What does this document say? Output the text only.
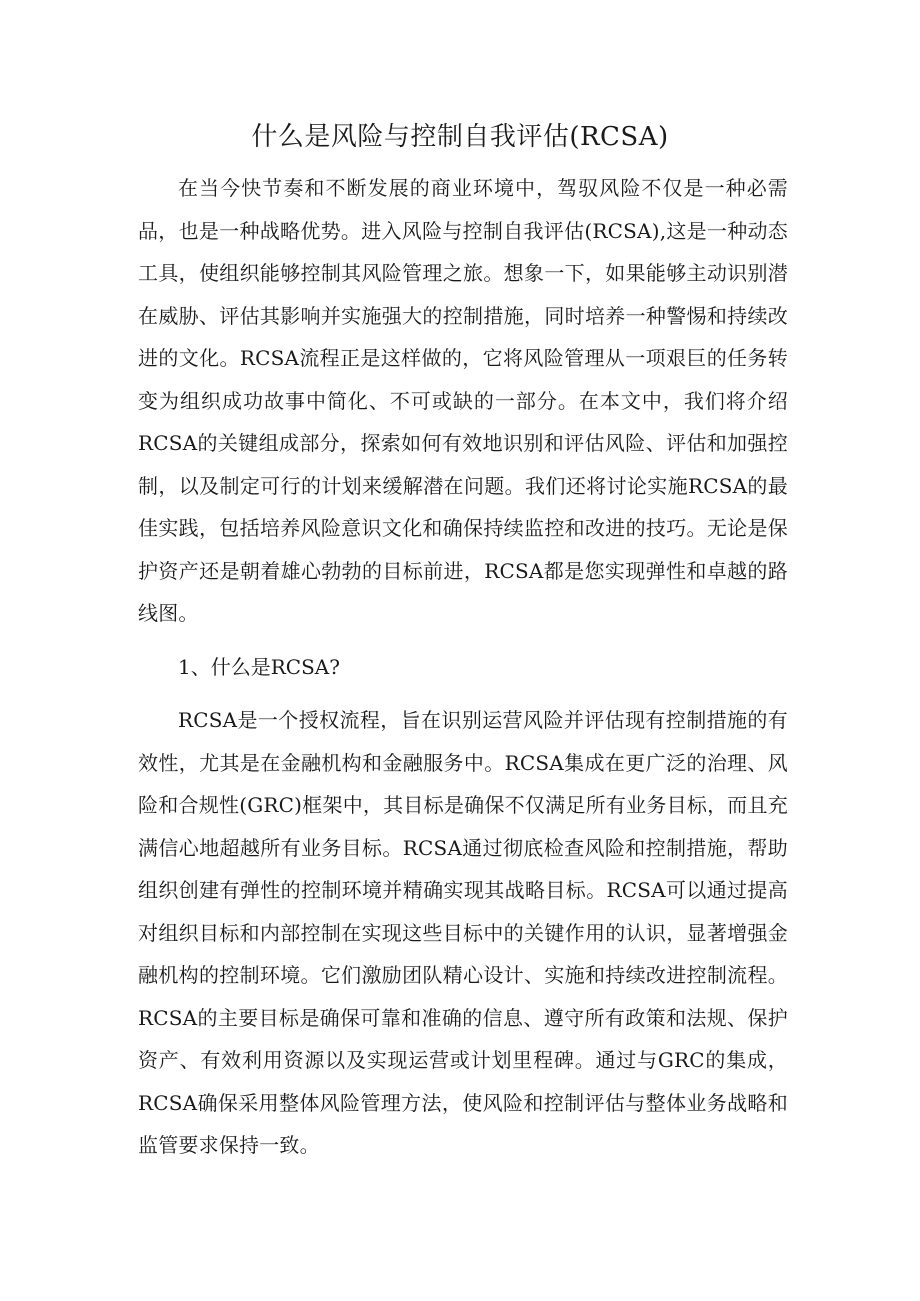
什么是风险与控制自我评估(RCSA)

在当今快节奏和不断发展的商业环境中，驾驭风险不仅是一种必需品，也是一种战略优势。进入风险与控制自我评估(RCSA),这是一种动态工具，使组织能够控制其风险管理之旅。想象一下，如果能够主动识别潜在威胁、评估其影响并实施强大的控制措施，同时培养一种警惕和持续改进的文化。RCSA流程正是这样做的，它将风险管理从一项艰巨的任务转变为组织成功故事中简化、不可或缺的一部分。在本文中，我们将介绍RCSA的关键组成部分，探索如何有效地识别和评估风险、评估和加强控制，以及制定可行的计划来缓解潜在问题。我们还将讨论实施RCSA的最佳实践，包括培养风险意识文化和确保持续监控和改进的技巧。无论是保护资产还是朝着雄心勃勃的目标前进，RCSA都是您实现弹性和卓越的路线图。

1、什么是RCSA?

RCSA是一个授权流程，旨在识别运营风险并评估现有控制措施的有效性，尤其是在金融机构和金融服务中。RCSA集成在更广泛的治理、风险和合规性(GRC)框架中，其目标是确保不仅满足所有业务目标，而且充满信心地超越所有业务目标。RCSA通过彻底检查风险和控制措施，帮助组织创建有弹性的控制环境并精确实现其战略目标。RCSA可以通过提高对组织目标和内部控制在实现这些目标中的关键作用的认识，显著增强金融机构的控制环境。它们激励团队精心设计、实施和持续改进控制流程。RCSA的主要目标是确保可靠和准确的信息、遵守所有政策和法规、保护资产、有效利用资源以及实现运营或计划里程碑。通过与GRC的集成，RCSA确保采用整体风险管理方法，使风险和控制评估与整体业务战略和监管要求保持一致。
